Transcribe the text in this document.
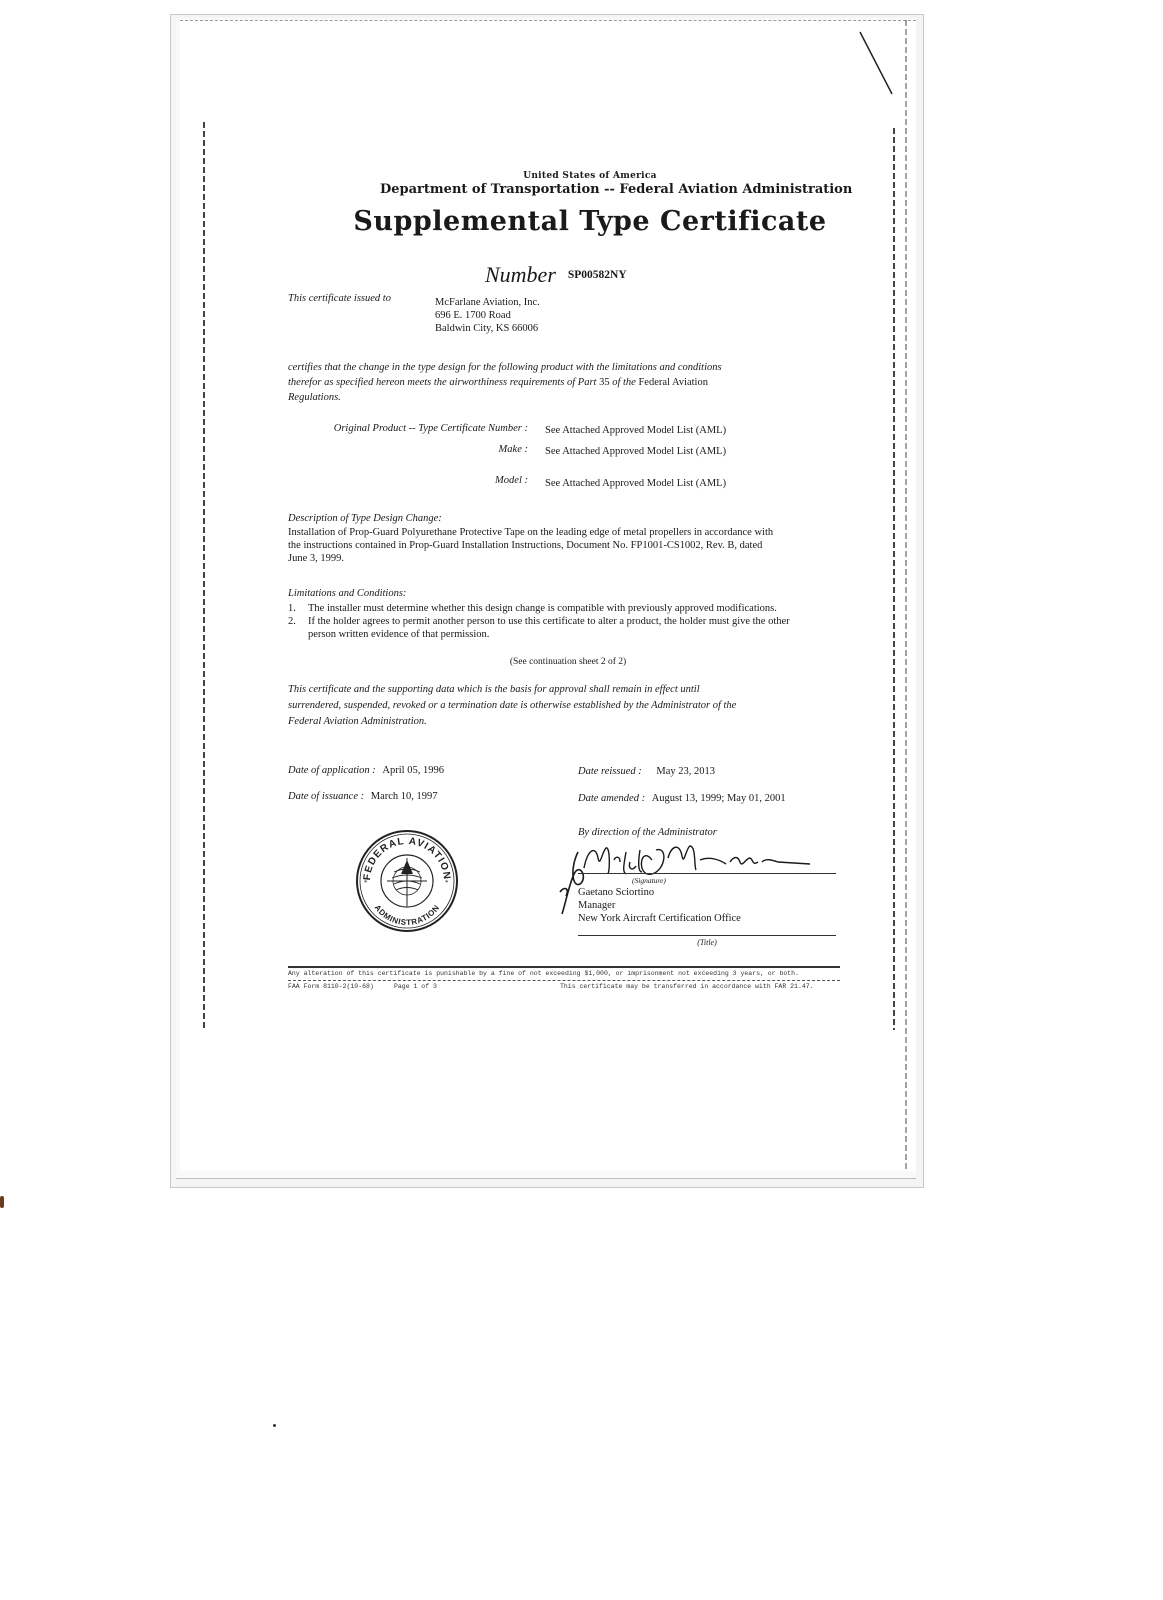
United States of America
Department of Transportation -- Federal Aviation Administration
Supplemental Type Certificate
Number $^{SP00582NY}$
This certificate issued to	McFarlane Aviation, Inc.
696 E. 1700 Road
Baldwin City, KS 66006
certifies that the change in the type design for the following product with the limitations and conditions
therefor as specified hereon meets the airworthiness requirements of Part 35 of the Federal Aviation
Regulations.
Original Product -- Type Certificate Number : See Attached Approved Model List (AML)
Make : See Attached Approved Model List (AML)
Model : See Attached Approved Model List (AML)
Description of Type Design Change:
Installation of Prop-Guard Polyurethane Protective Tape on the leading edge of metal propellers in accordance with
the instructions contained in Prop-Guard Installation Instructions, Document No. FP1001-CS1002, Rev. B, dated
June 3, 1999.
Limitations and Conditions:
1. The installer must determine whether this design change is compatible with previously approved modifications.
2. If the holder agrees to permit another person to use this certificate to alter a product, the holder must give the other
person written evidence of that permission.
(See continuation sheet 2 of 2)
This certificate and the supporting data which is the basis for approval shall remain in effect until
surrendered, suspended, revoked or a termination date is otherwise established by the Administrator of the
Federal Aviation Administration.
Date of application : April 05, 1996
Date of issuance : March 10, 1997
Date reissued : May 23, 2013
Date amended : August 13, 1999; May 01, 2001
FEDERAL AVIATION
ADMINISTRATION
*	*
By direction of the Administrator
(Signature)
Gaetano Sciortino
Manager
New York Aircraft Certification Office
(Title)
Any alteration of this certificate is punishable by a fine of not exceeding $1,000, or imprisonment not exceeding 3 years, or both.
FAA Form 8110-2(10-68)	Page 1 of 3	This certificate may be transferred in accordance with FAR 21.47.
